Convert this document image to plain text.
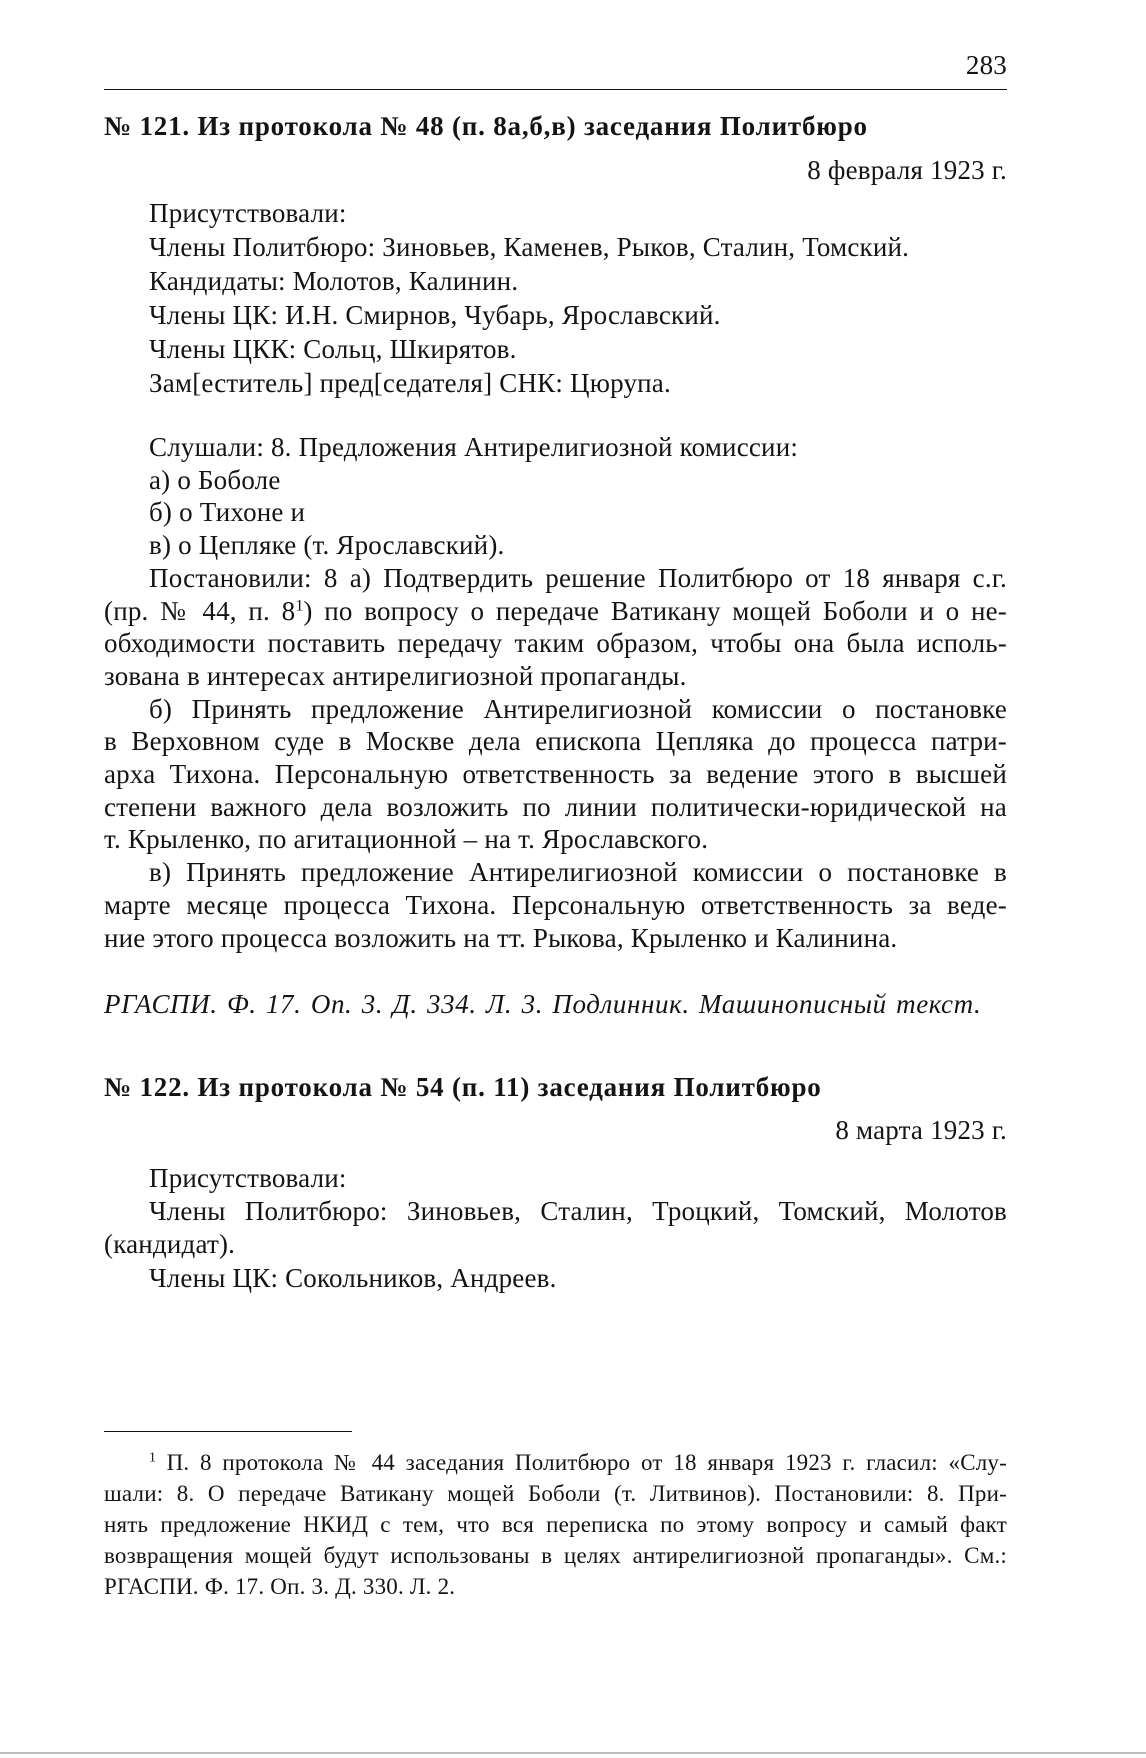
283
№ 121. Из протокола № 48 (п. 8а,б,в) заседания Политбюро
8 февраля 1923 г.
Присутствовали:
Члены Политбюро: Зиновьев, Каменев, Рыков, Сталин, Томский.
Кандидаты: Молотов, Калинин.
Члены ЦК: И.Н. Смирнов, Чубарь, Ярославский.
Члены ЦКК: Сольц, Шкирятов.
Зам[еститель] пред[седателя] СНК: Цюрупа.
Слушали: 8. Предложения Антирелигиозной комиссии:
а) о Боболе
б) о Тихоне и
в) о Цепляке (т. Ярославский).
Постановили: 8 а) Подтвердить решение Политбюро от 18 января с.г.
(пр. № 44, п. $8^1$) по вопросу о передаче Ватикану мощей Боболи и о не-
обходимости поставить передачу таким образом, чтобы она была исполь-
зована в интересах антирелигиозной пропаганды.
б) Принять предложение Антирелигиозной комиссии о постановке
в Верховном суде в Москве дела епископа Цепляка до процесса патри-
арха Тихона. Персональную ответственность за ведение этого в высшей
степени важного дела возложить по линии политически-юридической на
т. Крыленко, по агитационной – на т. Ярославского.
в) Принять предложение Антирелигиозной комиссии о постановке в
марте месяце процесса Тихона. Персональную ответственность за веде-
ние этого процесса возложить на тт. Рыкова, Крыленко и Калинина.
РГАСПИ. Ф. 17. Оп. 3. Д. 334. Л. 3. Подлинник. Машинописный текст.
№ 122. Из протокола № 54 (п. 11) заседания Политбюро
8 марта 1923 г.
Присутствовали:
Члены Политбюро: Зиновьев, Сталин, Троцкий, Томский, Молотов
(кандидат).
Члены ЦК: Сокольников, Андреев.
$^1$ П. 8 протокола № 44 заседания Политбюро от 18 января 1923 г. гласил: «Слу-
шали: 8. О передаче Ватикану мощей Боболи (т. Литвинов). Постановили: 8. При-
нять предложение НКИД с тем, что вся переписка по этому вопросу и самый факт
возвращения мощей будут использованы в целях антирелигиозной пропаганды». См.:
РГАСПИ. Ф. 17. Оп. 3. Д. 330. Л. 2.
